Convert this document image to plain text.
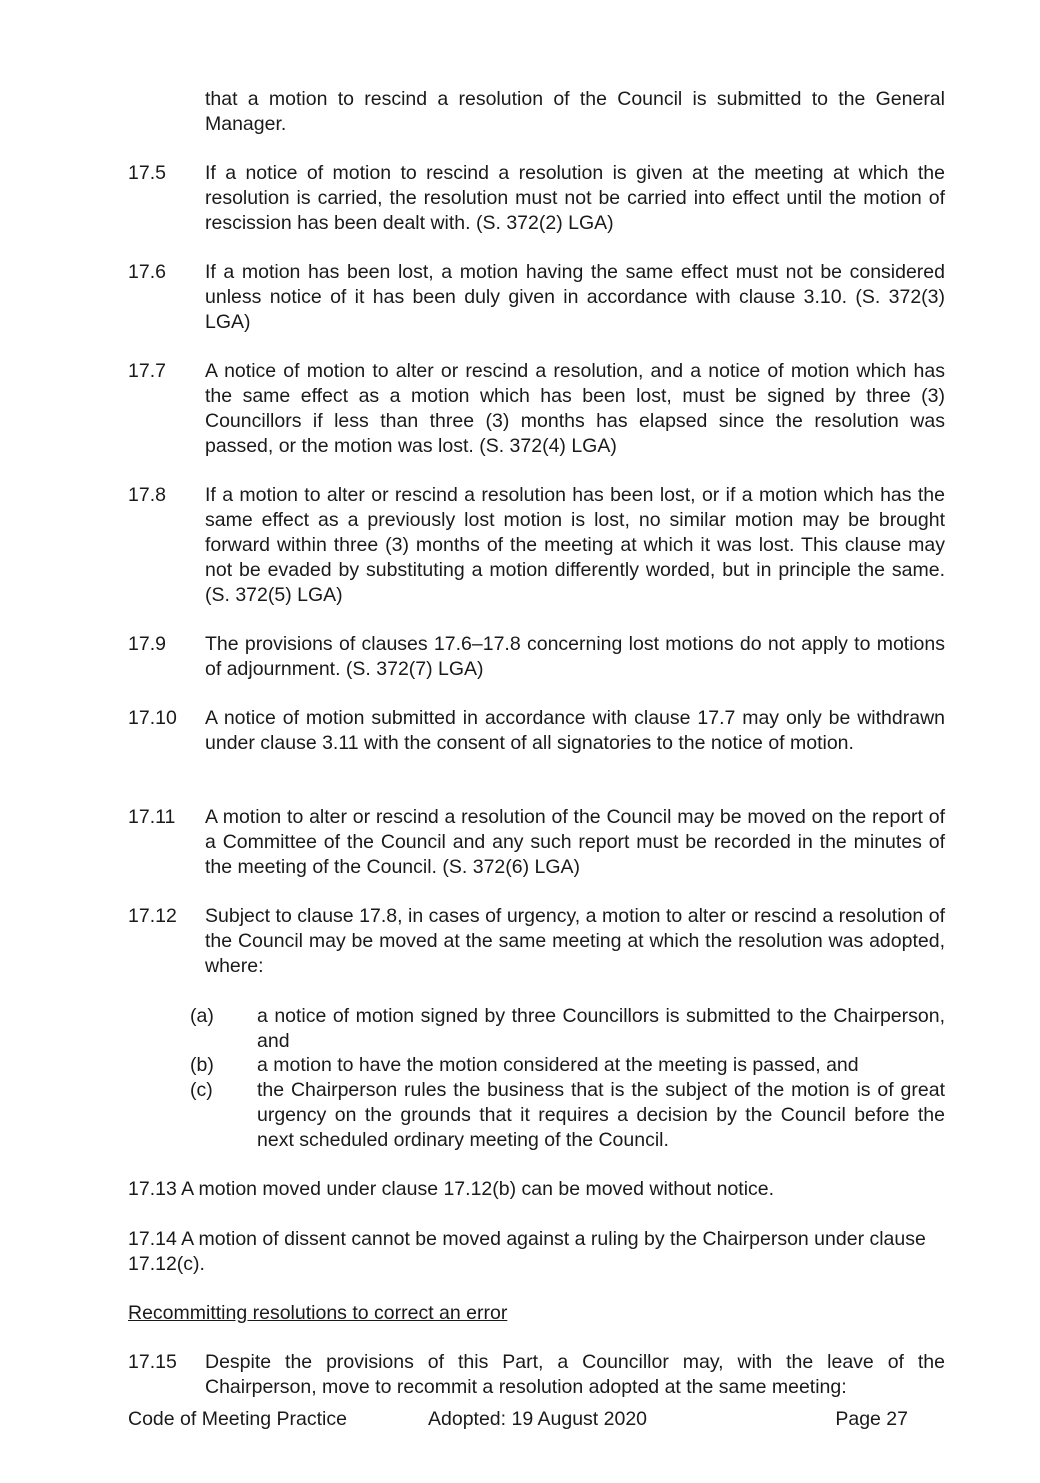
that a motion to rescind a resolution of the Council is submitted to the General Manager.
17.5	If a notice of motion to rescind a resolution is given at the meeting at which the resolution is carried, the resolution must not be carried into effect until the motion of rescission has been dealt with. (S. 372(2) LGA)
17.6	If a motion has been lost, a motion having the same effect must not be considered unless notice of it has been duly given in accordance with clause 3.10. (S. 372(3) LGA)
17.7	A notice of motion to alter or rescind a resolution, and a notice of motion which has the same effect as a motion which has been lost, must be signed by three (3) Councillors if less than three (3) months has elapsed since the resolution was passed, or the motion was lost. (S. 372(4) LGA)
17.8	If a motion to alter or rescind a resolution has been lost, or if a motion which has the same effect as a previously lost motion is lost, no similar motion may be brought forward within three (3) months of the meeting at which it was lost. This clause may not be evaded by substituting a motion differently worded, but in principle the same. (S. 372(5) LGA)
17.9	The provisions of clauses 17.6–17.8 concerning lost motions do not apply to motions of adjournment. (S. 372(7) LGA)
17.10	A notice of motion submitted in accordance with clause 17.7 may only be withdrawn under clause 3.11 with the consent of all signatories to the notice of motion.
17.11	A motion to alter or rescind a resolution of the Council may be moved on the report of a Committee of the Council and any such report must be recorded in the minutes of the meeting of the Council. (S. 372(6) LGA)
17.12	Subject to clause 17.8, in cases of urgency, a motion to alter or rescind a resolution of the Council may be moved at the same meeting at which the resolution was adopted, where:
(a)	a notice of motion signed by three Councillors is submitted to the Chairperson, and
(b)	a motion to have the motion considered at the meeting is passed, and
(c)	the Chairperson rules the business that is the subject of the motion is of great urgency on the grounds that it requires a decision by the Council before the next scheduled ordinary meeting of the Council.
17.13 A motion moved under clause 17.12(b) can be moved without notice.
17.14 A motion of dissent cannot be moved against a ruling by the Chairperson under clause 17.12(c).
Recommitting resolutions to correct an error
17.15	Despite the provisions of this Part, a Councillor may, with the leave of the Chairperson, move to recommit a resolution adopted at the same meeting:
Code of Meeting Practice	Adopted: 19 August 2020	Page 27
